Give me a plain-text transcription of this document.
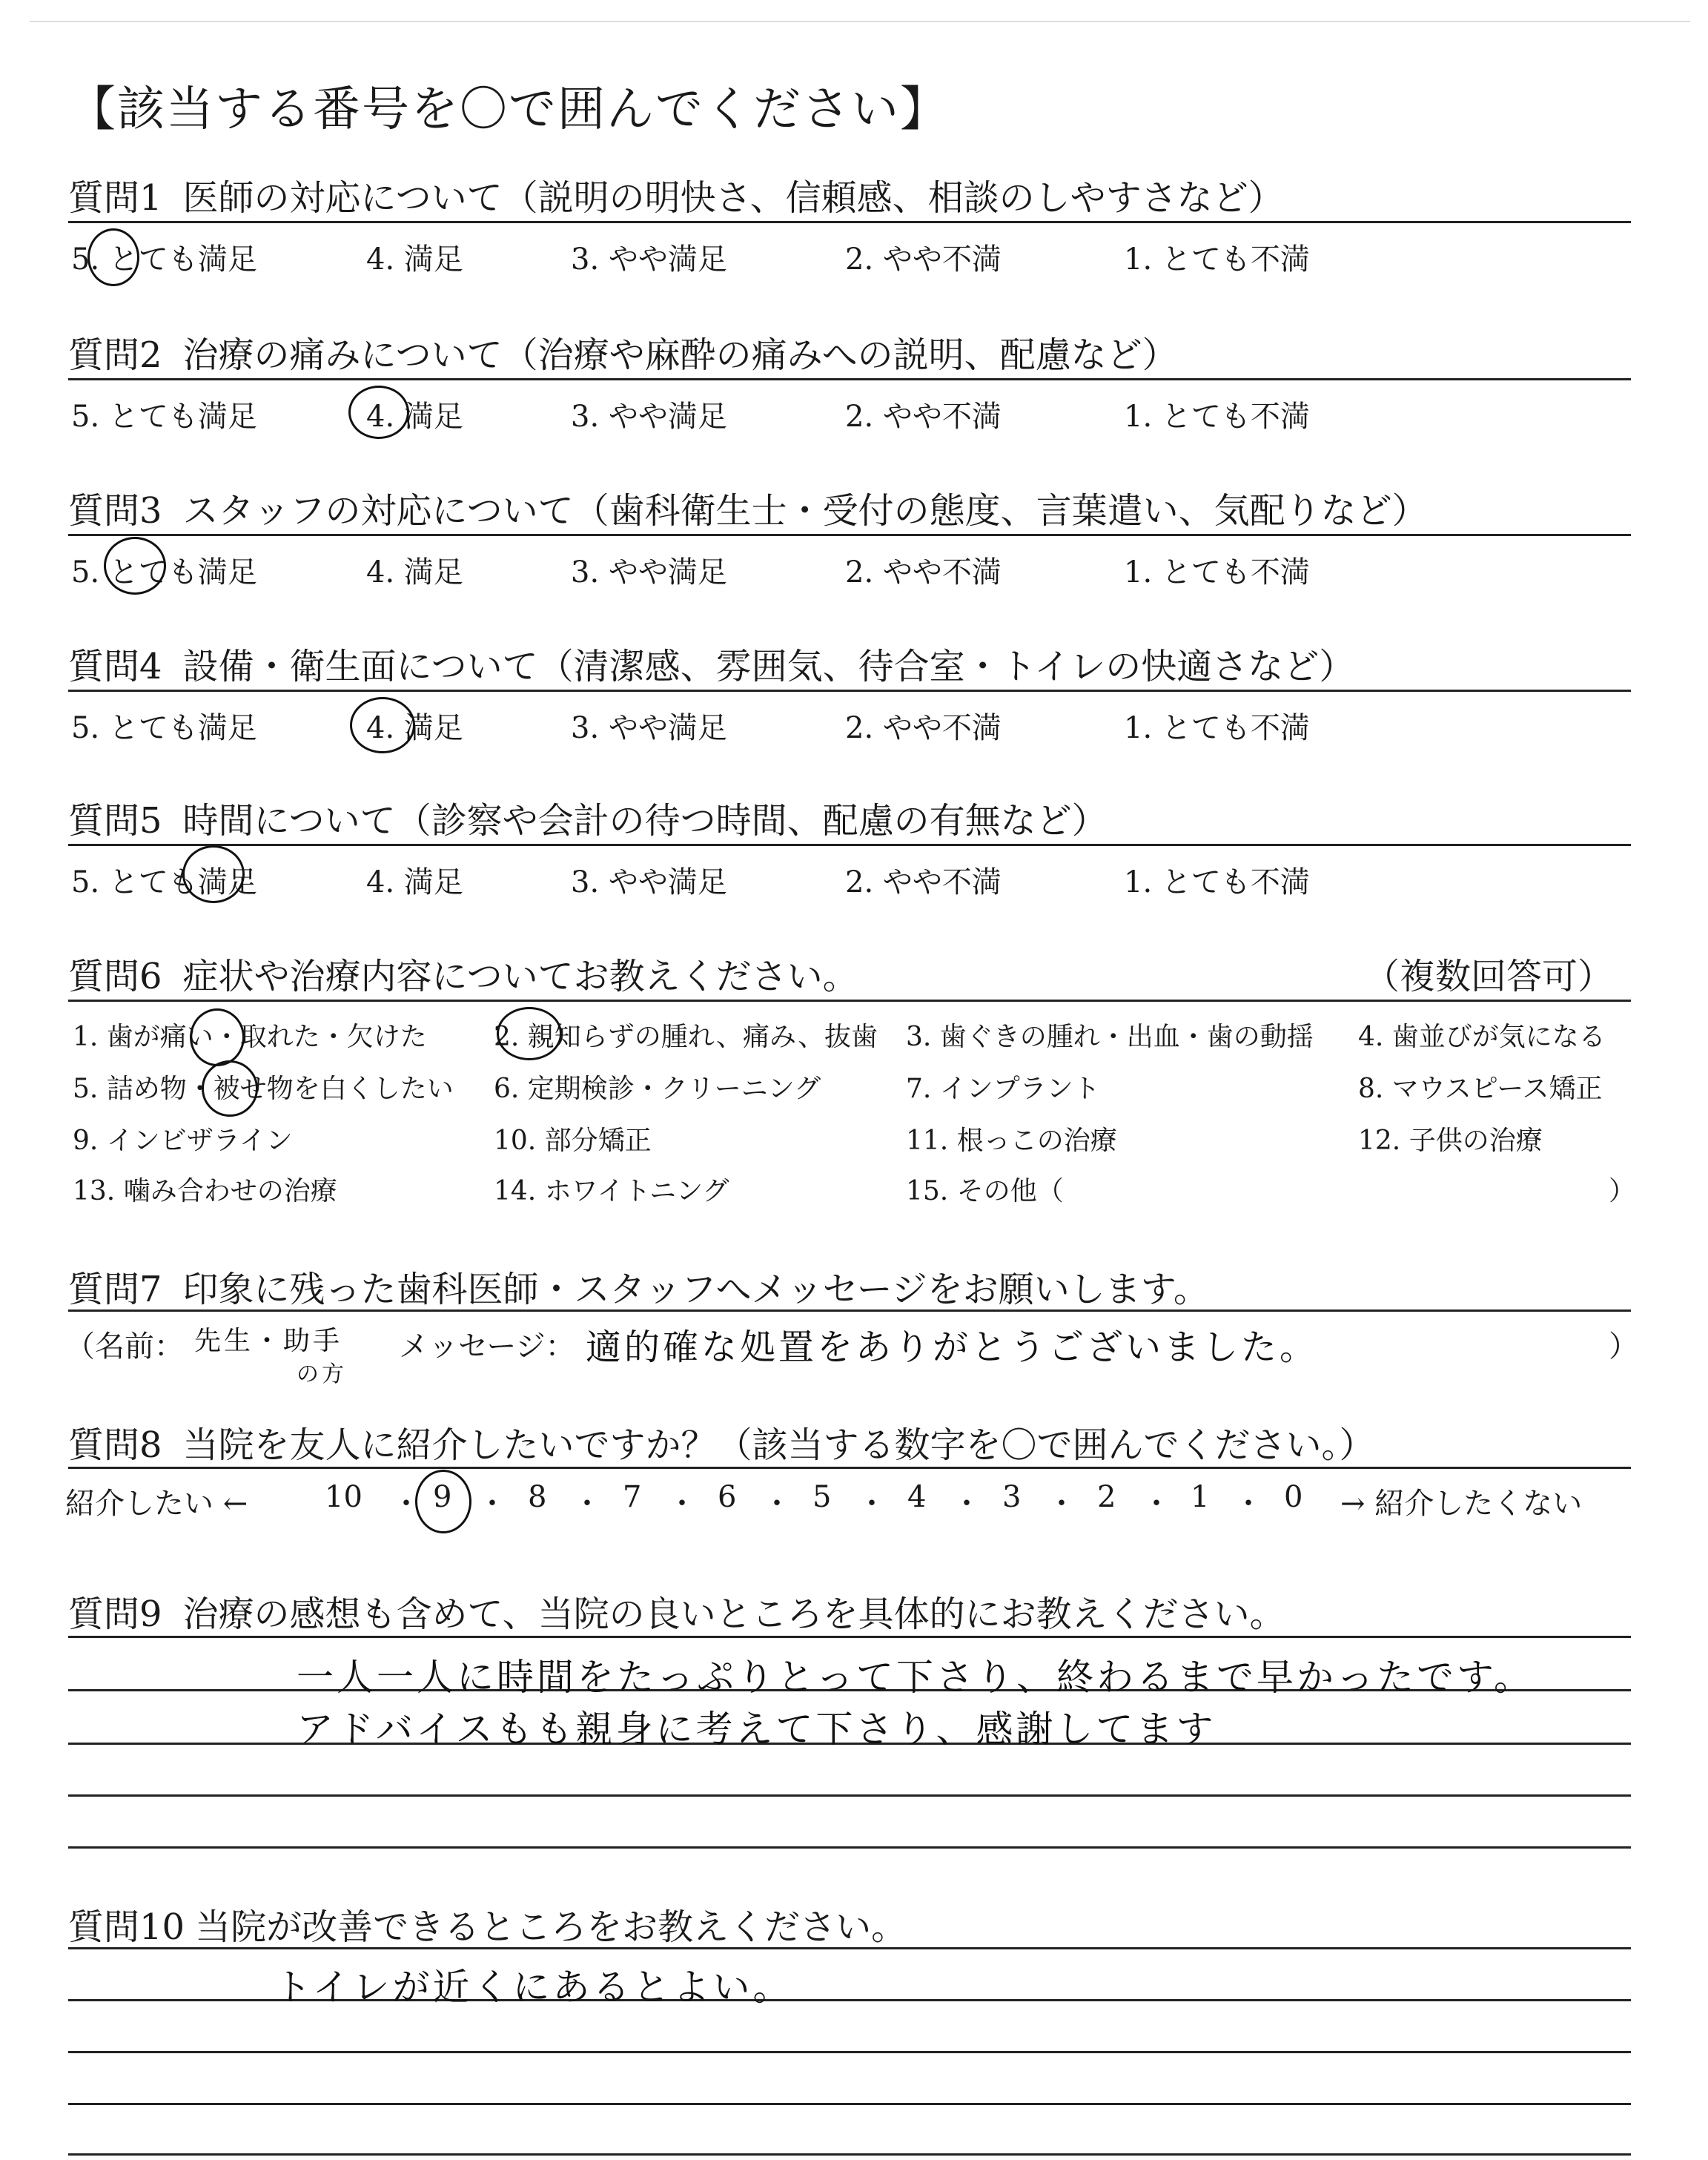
【該当する番号を〇で囲んでください】
質問1 医師の対応について（説明の明快さ、信頼感、相談のしやすさなど）
5. とても満足	4. 満足	3. やや満足	2. やや不満	1. とても不満
質問2 治療の痛みについて（治療や麻酔の痛みへの説明、配慮など）
5. とても満足	4. 満足	3. やや満足	2. やや不満	1. とても不満
質問3 スタッフの対応について（歯科衛生士・受付の態度、言葉遣い、気配りなど）
5. とても満足	4. 満足	3. やや満足	2. やや不満	1. とても不満
質問4 設備・衛生面について（清潔感、雰囲気、待合室・トイレの快適さなど）
5. とても満足	4. 満足	3. やや満足	2. やや不満	1. とても不満
質問5 時間について（診察や会計の待つ時間、配慮の有無など）
5. とても満足	4. 満足	3. やや満足	2. やや不満	1. とても不満
質問6 症状や治療内容についてお教えください。	（複数回答可）
1. 歯が痛い・取れた・欠けた	2. 親知らずの腫れ、痛み、抜歯 3. 歯ぐきの腫れ・出血・歯の動揺 4. 歯並びが気になる
5. 詰め物・被せ物を白くしたい 6. 定期検診・クリーニング	7. インプラント	8. マウスピース矯正
9. インビザライン	10. 部分矯正	11. 根っこの治療	12. 子供の治療
13. 噛み合わせの治療	14. ホワイトニング	15. その他（	）
質問7 印象に残った歯科医師・スタッフへメッセージをお願いします。
（名前： 先生・助手
の方
メッセージ： 適的確な処置をありがとうございました。	）
質問8 当院を友人に紹介したいですか？（該当する数字を〇で囲んでください。）
紹介したい ←	→ 紹介したくない
10 ・ 9 ・ 8 ・ 7 ・ 6 ・ 5 ・ 4 ・ 3 ・ 2 ・ 1 ・ 0
質問9 治療の感想も含めて、当院の良いところを具体的にお教えください。
一人一人に時間をたっぷりとって下さり、終わるまで早かったです。
アドバイスもも親身に考えて下さり、感謝してます
質問10 当院が改善できるところをお教えください。
トイレが近くにあるとよい。
